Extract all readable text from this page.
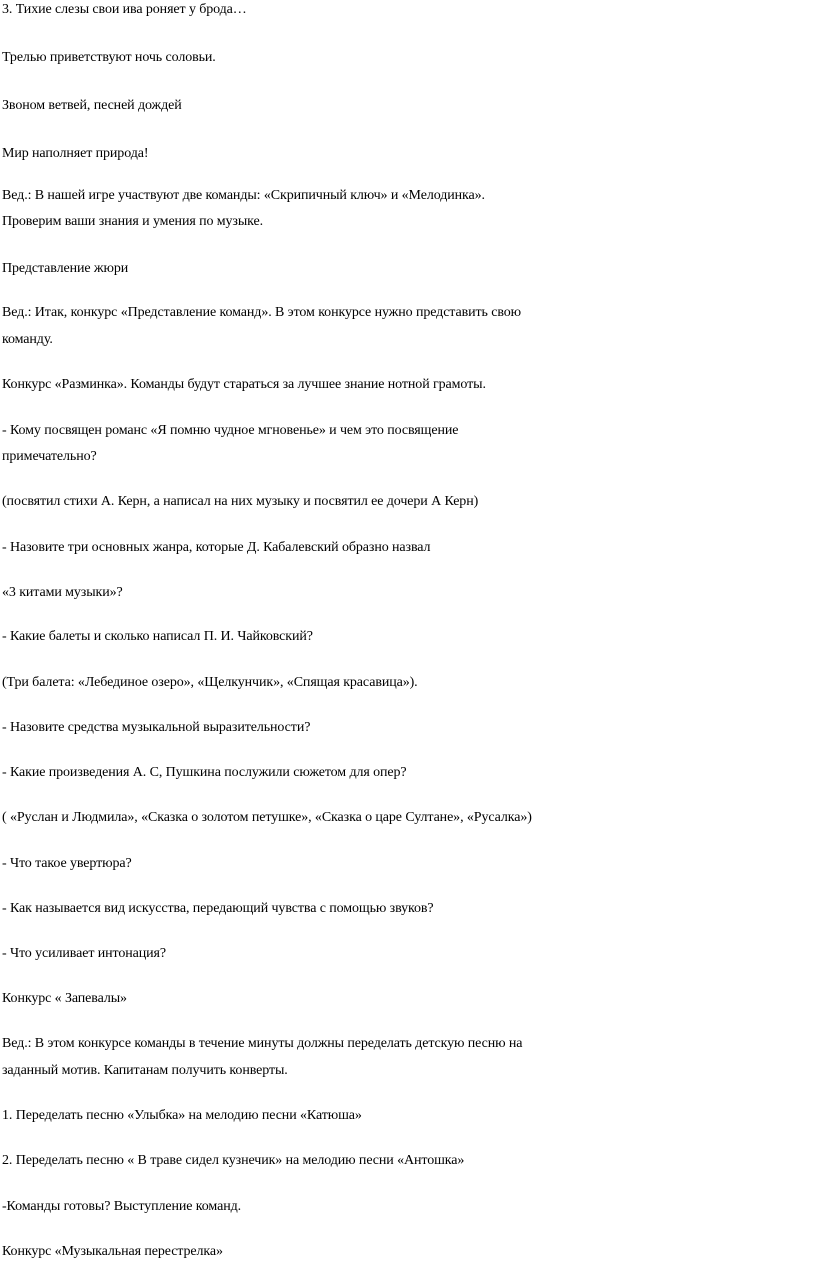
3. Тихие слезы свои ива роняет у брода…
Трелью приветствуют ночь соловьи.
Звоном ветвей, песней дождей
Мир наполняет природа!
Вед.: В нашей игре участвуют две команды: «Скрипичный ключ» и «Мелодинка».
Проверим ваши знания и умения по музыке.
Представление жюри
Вед.: Итак, конкурс «Представление команд». В этом конкурсе нужно представить свою
команду.
Конкурс «Разминка». Команды будут стараться за лучшее знание нотной грамоты.
- Кому посвящен романс «Я помню чудное мгновенье» и чем это посвящение
примечательно?
(посвятил стихи А. Керн, а написал на них музыку и посвятил ее дочери А Керн)
- Назовите три основных жанра, которые Д. Кабалевский образно назвал
«3 китами музыки»?
- Какие балеты и сколько написал П. И. Чайковский?
(Три балета: «Лебединое озеро», «Щелкунчик», «Спящая красавица»).
- Назовите средства музыкальной выразительности?
- Какие произведения А. С, Пушкина послужили сюжетом для опер?
( «Руслан и Людмила», «Сказка о золотом петушке», «Сказка о царе Султане», «Русалка»)
- Что такое увертюра?
- Как называется вид искусства, передающий чувства с помощью звуков?
- Что усиливает интонация?
Конкурс « Запевалы»
Вед.: В этом конкурсе команды в течение минуты должны переделать детскую песню на
заданный мотив. Капитанам получить конверты.
1. Переделать песню «Улыбка» на мелодию песни «Катюша»
2. Переделать песню « В траве сидел кузнечик» на мелодию песни «Антошка»
-Команды готовы? Выступление команд.
Конкурс «Музыкальная перестрелка»
